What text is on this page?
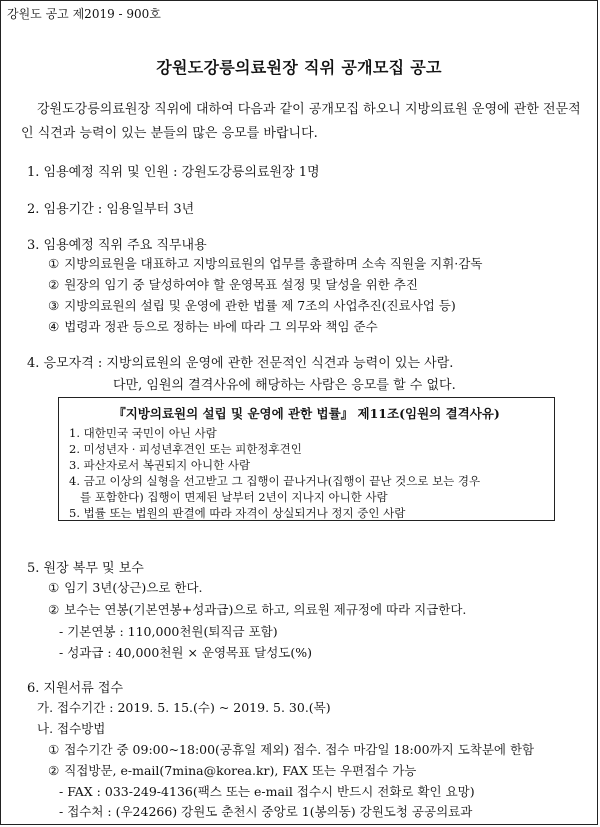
강원도 공고 제2019 - 900호
강원도강릉의료원장 직위 공개모집 공고
강원도강릉의료원장 직위에 대하여 다음과 같이 공개모집 하오니 지방의료원 운영에 관한 전문적인 식견과 능력이 있는 분들의 많은 응모를 바랍니다.
1. 임용예정 직위 및 인원 : 강원도강릉의료원장 1명
2. 임용기간 : 임용일부터 3년
3. 임용예정 직위 주요 직무내용
① 지방의료원을 대표하고 지방의료원의 업무를 총괄하며 소속 직원을 지휘·감독
② 원장의 임기 중 달성하여야 할 운영목표 설정 및 달성을 위한 추진
③ 지방의료원의 설립 및 운영에 관한 법률 제 7조의 사업추진(진료사업 등)
④ 법령과 정관 등으로 정하는 바에 따라 그 의무와 책임 준수
4. 응모자격 : 지방의료원의 운영에 관한 전문적인 식견과 능력이 있는 사람.
다만, 임원의 결격사유에 해당하는 사람은 응모를 할 수 없다.
『지방의료원의 설립 및 운영에 관한 법률』 제11조(임원의 결격사유)
1. 대한민국 국민이 아닌 사람
2. 미성년자 · 피성년후견인 또는 피한정후견인
3. 파산자로서 복권되지 아니한 사람
4. 금고 이상의 실형을 선고받고 그 집행이 끝나거나(집행이 끝난 것으로 보는 경우
를 포함한다) 집행이 면제된 날부터 2년이 지나지 아니한 사람
5. 법률 또는 법원의 판결에 따라 자격이 상실되거나 정지 중인 사람
5. 원장 복무 및 보수
① 임기 3년(상근)으로 한다.
② 보수는 연봉(기본연봉+성과급)으로 하고, 의료원 제규정에 따라 지급한다.
- 기본연봉 : 110,000천원(퇴직금 포함)
- 성과급 : 40,000천원 × 운영목표 달성도(%)
6. 지원서류 접수
가. 접수기간 : 2019. 5. 15.(수) ~ 2019. 5. 30.(목)
나. 접수방법
① 접수기간 중 09:00~18:00(공휴일 제외) 접수. 접수 마감일 18:00까지 도착분에 한함
② 직접방문, e-mail(7mina@korea.kr), FAX 또는 우편접수 가능
- FAX : 033-249-4136(팩스 또는 e-mail 접수시 반드시 전화로 확인 요망)
- 접수처 : (우24266) 강원도 춘천시 중앙로 1(봉의동) 강원도청 공공의료과
